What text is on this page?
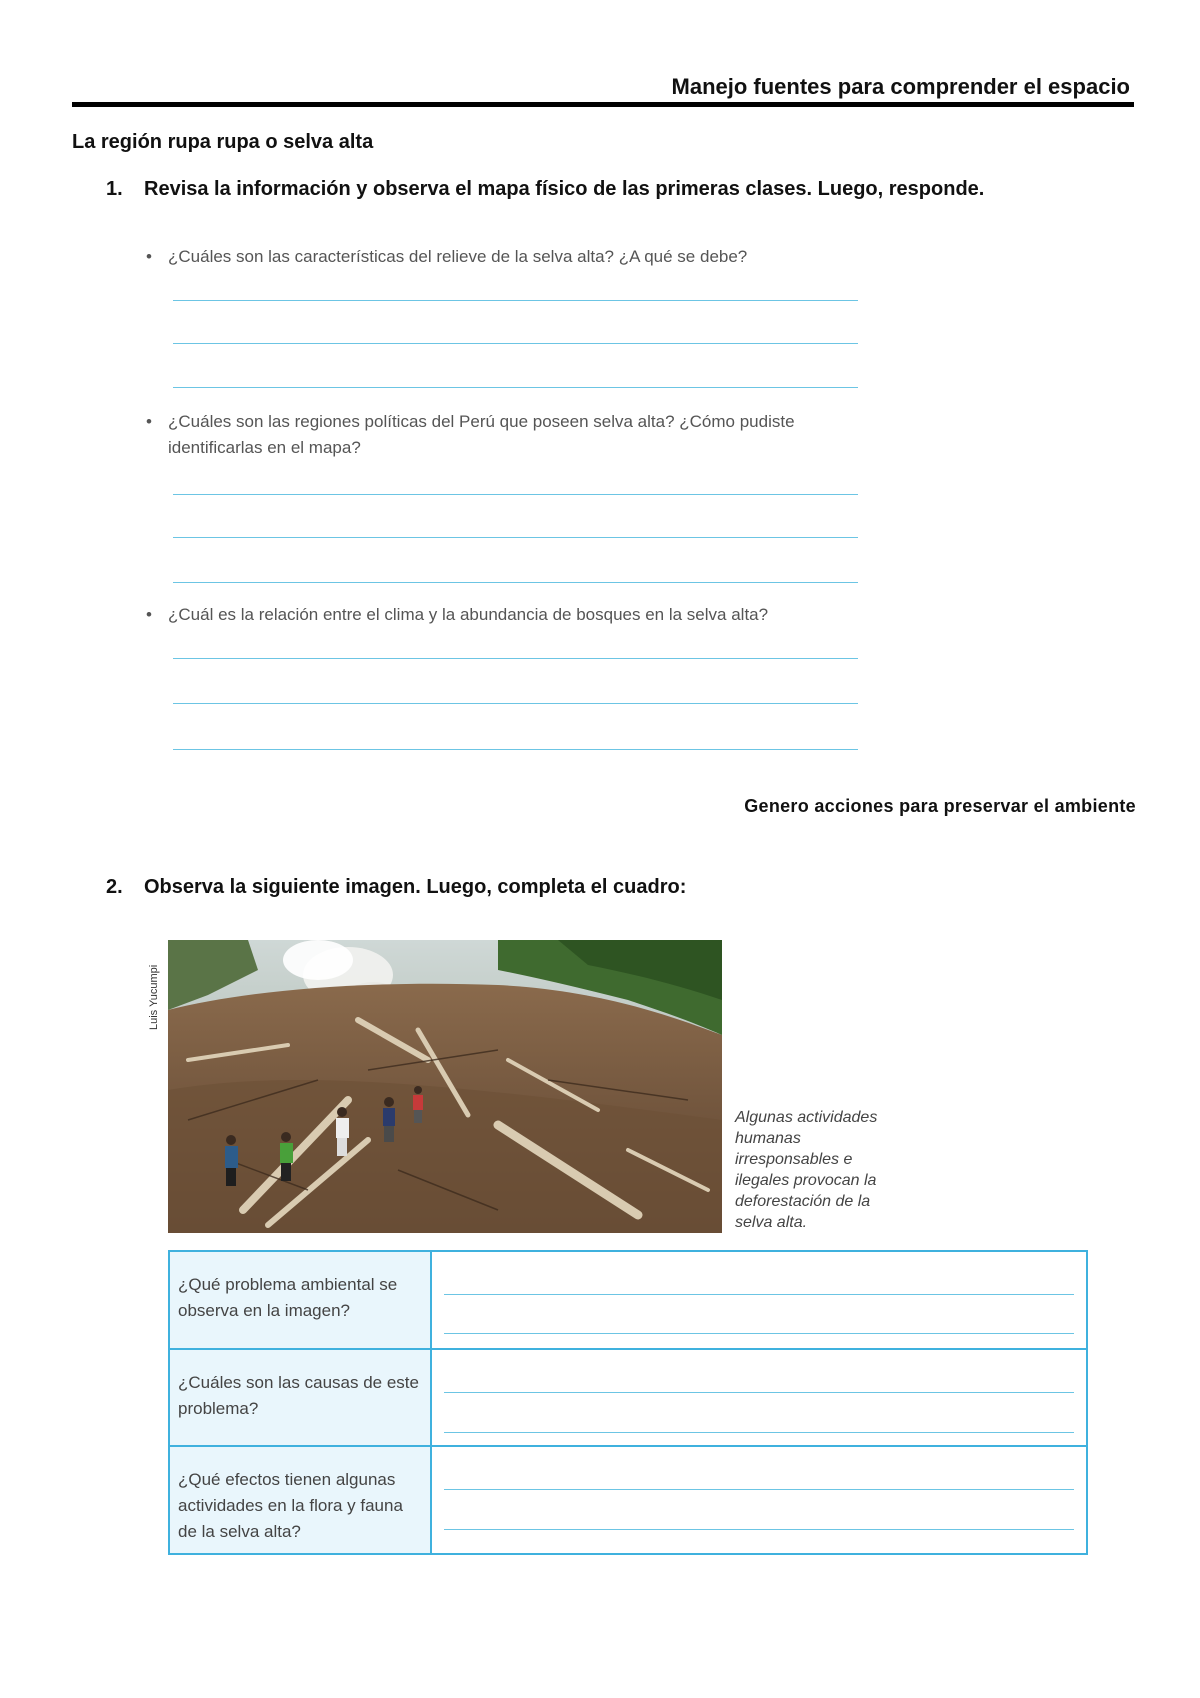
Manejo fuentes para comprender el espacio
La región rupa rupa o selva alta
1. Revisa la información y observa el mapa físico de las primeras clases. Luego, responde.
• ¿Cuáles son las características del relieve de la selva alta? ¿A qué se debe?
• ¿Cuáles son las regiones políticas del Perú que poseen selva alta? ¿Cómo pudiste identificarlas en el mapa?
• ¿Cuál es la relación entre el clima y la abundancia de bosques en la selva alta?
Genero acciones para preservar el ambiente
2. Observa la siguiente imagen. Luego, completa el cuadro:
Luis Yucumpi
Algunas actividades humanas irresponsables e ilegales provocan la deforestación de la selva alta.
¿Qué problema ambiental se observa en la imagen?	

¿Cuáles son las causas de este problema?	

¿Qué efectos tienen algunas actividades en la flora y fauna de la selva alta?	
